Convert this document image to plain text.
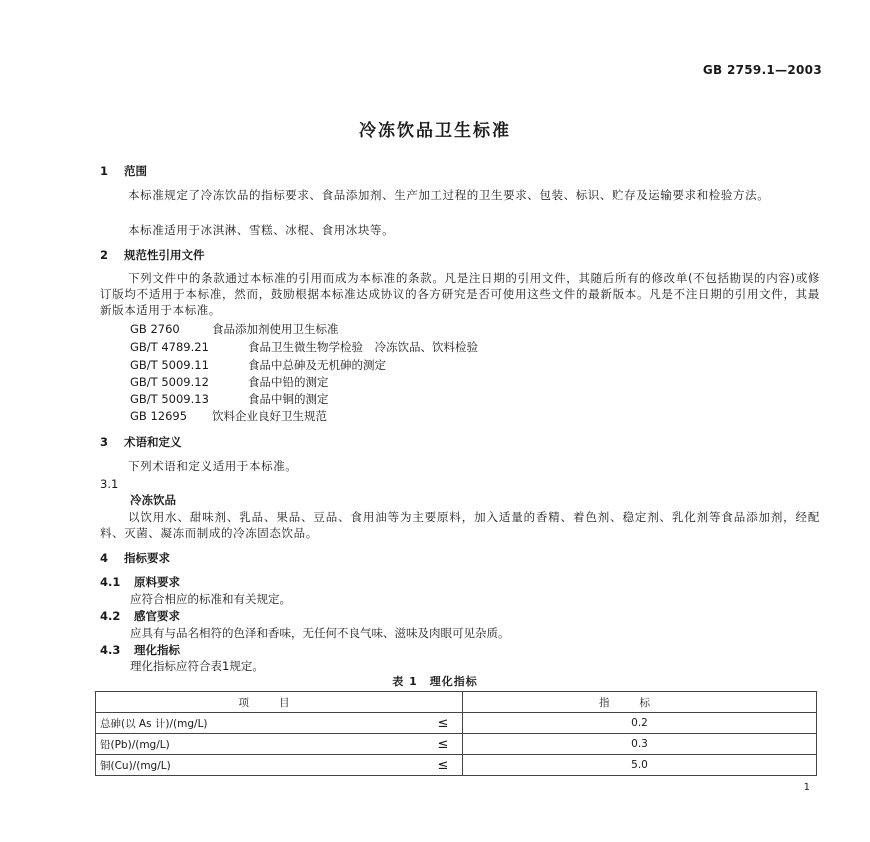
GB 2759.1—2003
冷冻饮品卫生标准
1 范围
本标准规定了冷冻饮品的指标要求、食品添加剂、生产加工过程的卫生要求、包装、标识、贮存及运输要求和检验方法。
本标准适用于冰淇淋、雪糕、冰棍、食用冰块等。
2 规范性引用文件
下列文件中的条款通过本标准的引用而成为本标准的条款。凡是注日期的引用文件，其随后所有的修改单(不包括勘误的内容)或修订版均不适用于本标准，然而，鼓励根据本标准达成协议的各方研究是否可使用这些文件的最新版本。凡是不注日期的引用文件，其最新版本适用于本标准。
GB 2760	食品添加剂使用卫生标准
GB/T 4789.21	食品卫生微生物学检验　冷冻饮品、饮料检验
GB/T 5009.11	食品中总砷及无机砷的测定
GB/T 5009.12	食品中铅的测定
GB/T 5009.13	食品中铜的测定
GB 12695 饮料企业良好卫生规范
3 术语和定义
下列术语和定义适用于本标准。
3.1
冷冻饮品
以饮用水、甜味剂、乳品、果品、豆品、食用油等为主要原料，加入适量的香精、着色剂、稳定剂、乳化剂等食品添加剂，经配料、灭菌、凝冻而制成的冷冻固态饮品。
4 指标要求
4.1 原料要求
应符合相应的标准和有关规定。
4.2 感官要求
应具有与品名相符的色泽和香味，无任何不良气味、滋味及肉眼可见杂质。
4.3 理化指标
理化指标应符合表1规定。
表 1　理化指标
项目		指标
总砷(以 As 计)/(mg/L)	≤	0.2
铅(Pb)/(mg/L)	≤	0.3
铜(Cu)/(mg/L)	≤	5.0
1
